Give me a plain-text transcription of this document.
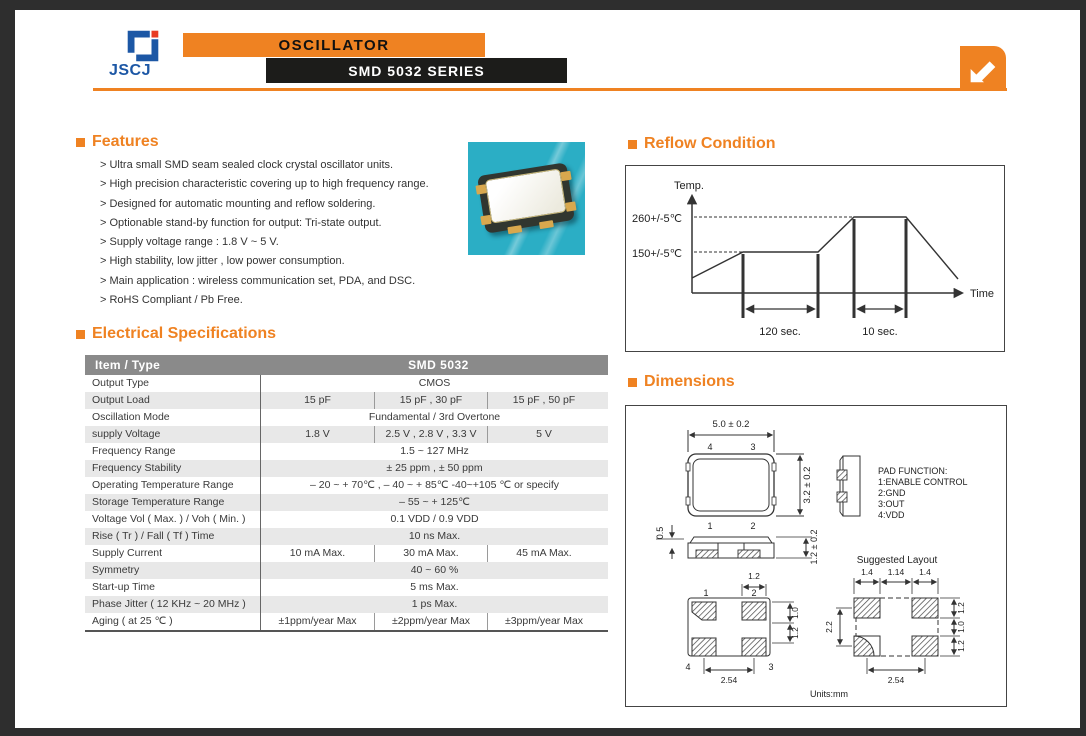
JSCJ
OSCILLATOR
SMD 5032 SERIES
Features
> Ultra small SMD seam sealed clock crystal oscillator units.
> High precision characteristic covering up to high frequency range.
> Designed for automatic mounting and reflow soldering.
> Optionable stand-by function for output: Tri-state output.
> Supply voltage range : 1.8 V ~ 5 V.
> High stability, low jitter , low power consumption.
> Main application : wireless communication set, PDA, and DSC.
> RoHS Compliant / Pb Free.
Electrical Specifications
Item / Type	SMD 5032
Output Type	CMOS
Output Load	15 pF	15 pF , 30 pF	15 pF , 50 pF
Oscillation Mode	Fundamental / 3rd Overtone
supply Voltage	1.8 V	2.5 V , 2.8 V , 3.3 V	5 V
Frequency Range	1.5 ~ 127 MHz
Frequency Stability	± 25 ppm , ± 50 ppm
Operating Temperature Range	– 20 ~ + 70℃ , – 40 ~ + 85℃ -40~+105 ℃ or specify
Storage Temperature Range	– 55 ~ + 125℃
Voltage Vol ( Max. ) / Voh ( Min. )	0.1 VDD / 0.9 VDD
Rise ( Tr ) / Fall ( Tf ) Time	10 ns Max.
Supply Current	10 mA Max.	30 mA Max.	45 mA Max.
Symmetry	40 ~ 60 %
Start-up Time	5 ms Max.
Phase Jitter ( 12 KHz ~ 20 MHz )	1 ps Max.
Aging ( at 25 ℃ )	±1ppm/year Max	±2ppm/year Max	±3ppm/year Max
Reflow Condition
Temp.
Time
260+/-5℃
150+/-5℃
120 sec.	10 sec.
Dimensions
5.0 ± 0.2
3.2 ± 0.2
4	3
1	2
PAD FUNCTION:
1:ENABLE CONTROL
2:GND
3:OUT
4:VDD
0.5	1.2 ± 0.2
1.2
1	2
4	3
1.0
1.2
2.54
Suggested Layout
1.4 1.14 1.4
2.2
1.2
1.0
1.2
2.54
Units:mm
